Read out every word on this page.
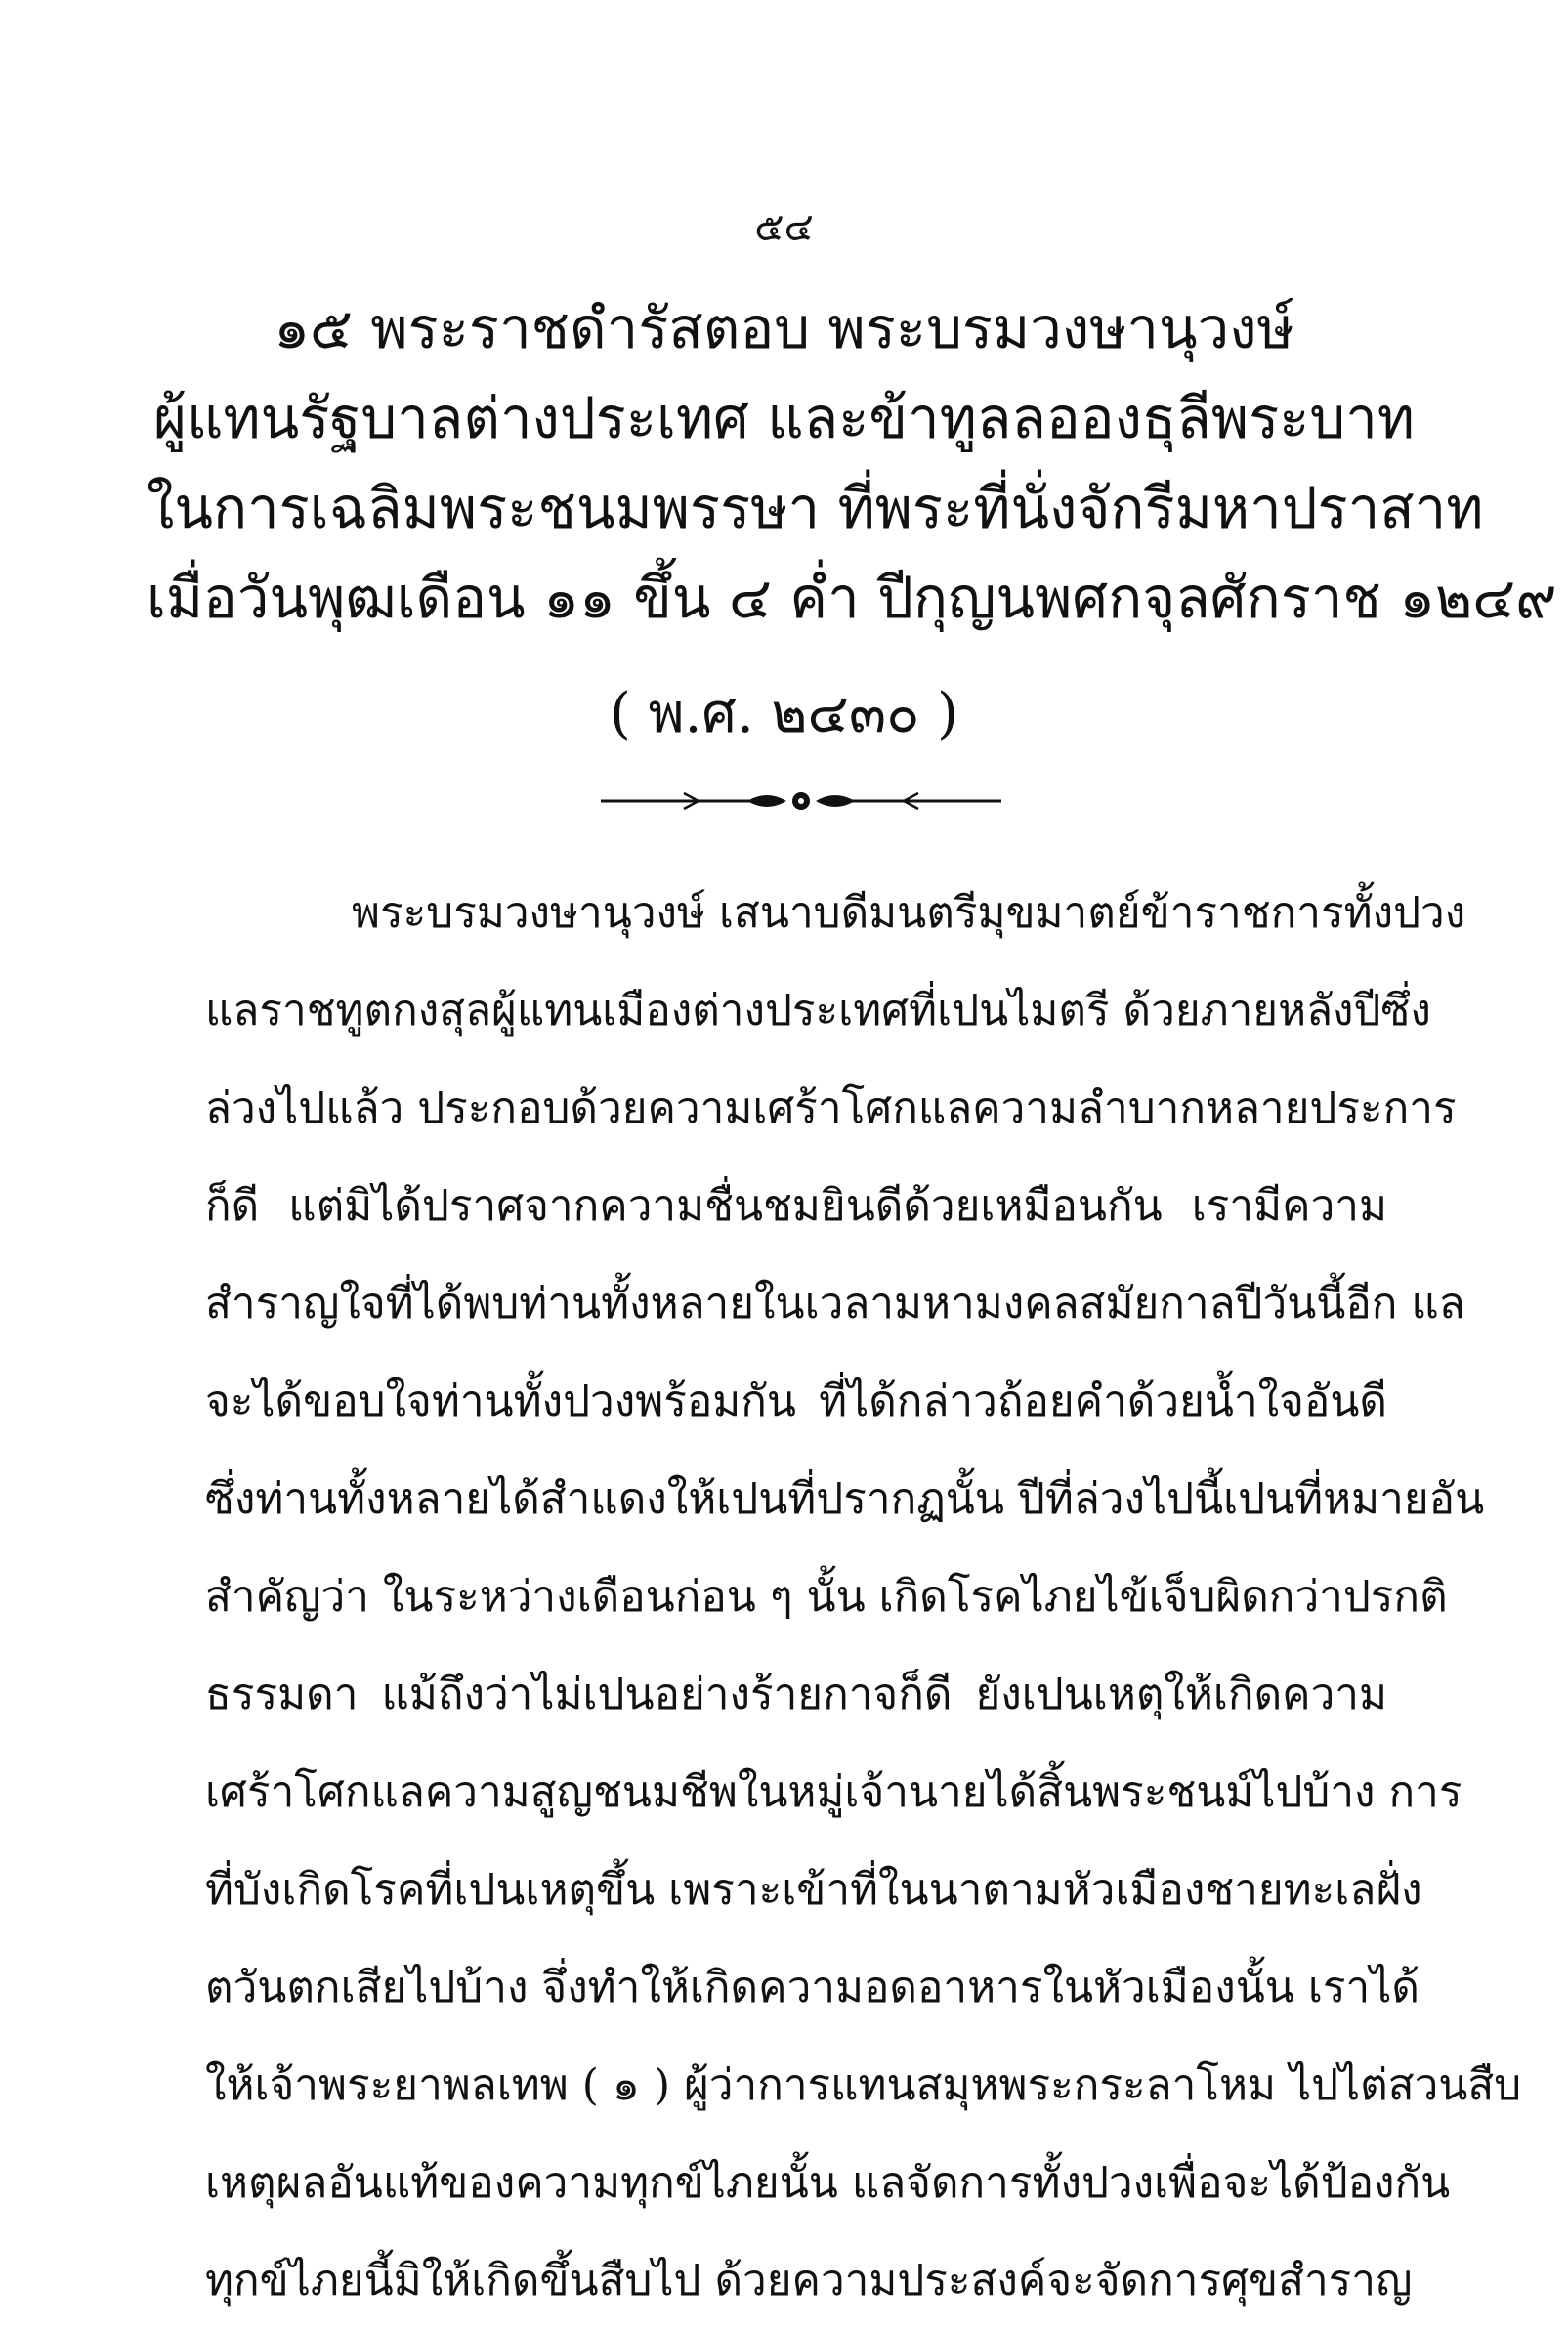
๕๔
๑๕ พระราชดำรัสตอบ พระบรมวงษานุวงษ์
ผู้แทนรัฐบาลต่างประเทศ และข้าทูลลอองธุลีพระบาท
ในการเฉลิมพระชนมพรรษา ที่พระที่นั่งจักรีมหาปราสาท
เมื่อวันพุฒเดือน ๑๑ ขึ้น ๔ ค่ำ ปีกุญนพศกจุลศักราช ๑๒๔๙
( พ.ศ. ๒๔๓๐ )
พระบรมวงษานุวงษ์ เสนาบดีมนตรีมุขมาตย์ข้าราชการทั้งปวง
แลราชทูตกงสุลผู้แทนเมืองต่างประเทศที่เปนไมตรี ด้วยภายหลังปีซึ่ง
ล่วงไปแล้ว ประกอบด้วยความเศร้าโศกแลความลำบากหลายประการ
ก็ดี แต่มิได้ปราศจากความชื่นชมยินดีด้วยเหมือนกัน เรามีความ
สำราญใจที่ได้พบท่านทั้งหลายในเวลามหามงคลสมัยกาลปีวันนี้อีก แล
จะได้ขอบใจท่านทั้งปวงพร้อมกัน ที่ได้กล่าวถ้อยคำด้วยน้ำใจอันดี
ซึ่งท่านทั้งหลายได้สำแดงให้เปนที่ปรากฏนั้น ปีที่ล่วงไปนี้เปนที่หมายอัน
สำคัญว่า ในระหว่างเดือนก่อน ๆ นั้น เกิดโรคไภยไข้เจ็บผิดกว่าปรกติ
ธรรมดา แม้ถึงว่าไม่เปนอย่างร้ายกาจก็ดี ยังเปนเหตุให้เกิดความ
เศร้าโศกแลความสูญชนมชีพในหมู่เจ้านายได้สิ้นพระชนม์ไปบ้าง การ
ที่บังเกิดโรคที่เปนเหตุขึ้น เพราะเข้าที่ในนาตามหัวเมืองชายทะเลฝั่ง
ตวันตกเสียไปบ้าง จึ่งทำให้เกิดความอดอาหารในหัวเมืองนั้น เราได้
ให้เจ้าพระยาพลเทพ ( ๑ ) ผู้ว่าการแทนสมุหพระกระลาโหม ไปไต่สวนสืบ
เหตุผลอันแท้ของความทุกข์ไภยนั้น แลจัดการทั้งปวงเพื่อจะได้ป้องกัน
ทุกข์ไภยนี้มิให้เกิดขึ้นสืบไป ด้วยความประสงค์จะจัดการศุขสำราญ
